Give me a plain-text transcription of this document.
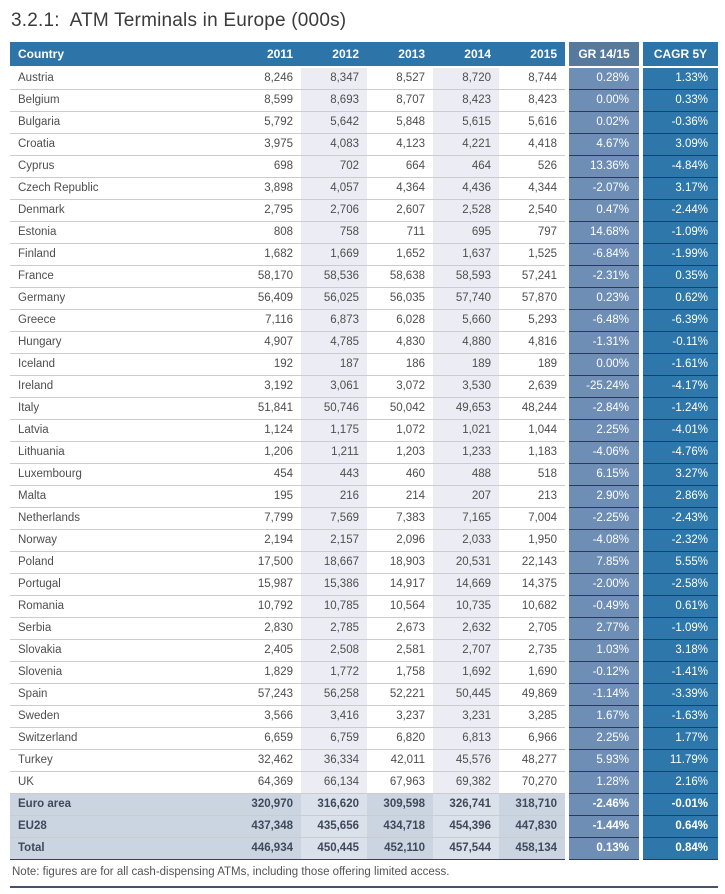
3.2.1:  ATM Terminals in Europe (000s)
Country	2011	2012	2013	2014	2015		GR 14/15		CAGR 5Y
Austria	8,246	8,347	8,527	8,720	8,744		0.28%		1.33%
Belgium	8,599	8,693	8,707	8,423	8,423		0.00%		0.33%
Bulgaria	5,792	5,642	5,848	5,615	5,616		0.02%		-0.36%
Croatia	3,975	4,083	4,123	4,221	4,418		4.67%		3.09%
Cyprus	698	702	664	464	526		13.36%		-4.84%
Czech Republic	3,898	4,057	4,364	4,436	4,344		-2.07%		3.17%
Denmark	2,795	2,706	2,607	2,528	2,540		0.47%		-2.44%
Estonia	808	758	711	695	797		14.68%		-1.09%
Finland	1,682	1,669	1,652	1,637	1,525		-6.84%		-1.99%
France	58,170	58,536	58,638	58,593	57,241		-2.31%		0.35%
Germany	56,409	56,025	56,035	57,740	57,870		0.23%		0.62%
Greece	7,116	6,873	6,028	5,660	5,293		-6.48%		-6.39%
Hungary	4,907	4,785	4,830	4,880	4,816		-1.31%		-0.11%
Iceland	192	187	186	189	189		0.00%		-1.61%
Ireland	3,192	3,061	3,072	3,530	2,639		-25.24%		-4.17%
Italy	51,841	50,746	50,042	49,653	48,244		-2.84%		-1.24%
Latvia	1,124	1,175	1,072	1,021	1,044		2.25%		-4.01%
Lithuania	1,206	1,211	1,203	1,233	1,183		-4.06%		-4.76%
Luxembourg	454	443	460	488	518		6.15%		3.27%
Malta	195	216	214	207	213		2.90%		2.86%
Netherlands	7,799	7,569	7,383	7,165	7,004		-2.25%		-2.43%
Norway	2,194	2,157	2,096	2,033	1,950		-4.08%		-2.32%
Poland	17,500	18,667	18,903	20,531	22,143		7.85%		5.55%
Portugal	15,987	15,386	14,917	14,669	14,375		-2.00%		-2.58%
Romania	10,792	10,785	10,564	10,735	10,682		-0.49%		0.61%
Serbia	2,830	2,785	2,673	2,632	2,705		2.77%		-1.09%
Slovakia	2,405	2,508	2,581	2,707	2,735		1.03%		3.18%
Slovenia	1,829	1,772	1,758	1,692	1,690		-0.12%		-1.41%
Spain	57,243	56,258	52,221	50,445	49,869		-1.14%		-3.39%
Sweden	3,566	3,416	3,237	3,231	3,285		1.67%		-1.63%
Switzerland	6,659	6,759	6,820	6,813	6,966		2.25%		1.77%
Turkey	32,462	36,334	42,011	45,576	48,277		5.93%		11.79%
UK	64,369	66,134	67,963	69,382	70,270		1.28%		2.16%
Euro area	320,970	316,620	309,598	326,741	318,710		-2.46%		-0.01%
EU28	437,348	435,656	434,718	454,396	447,830		-1.44%		0.64%
Total	446,934	450,445	452,110	457,544	458,134		0.13%		0.84%
Note: figures are for all cash-dispensing ATMs, including those offering limited access.
